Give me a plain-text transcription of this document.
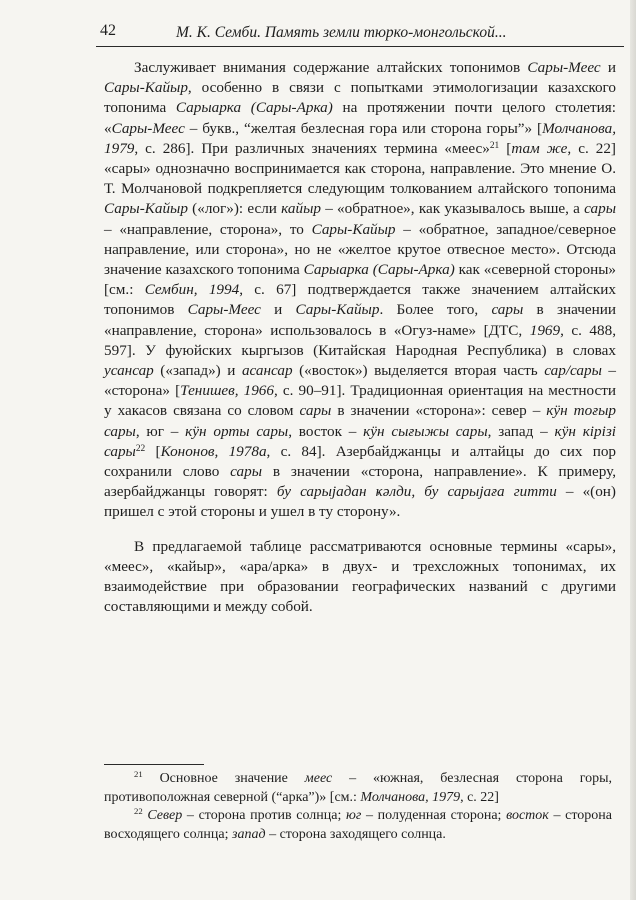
42	М. К. Семби. Память земли тюрко-монгольской...

Заслуживает внимания содержание алтайских топонимов Сары-Меес и Сары-Кайыр, особенно в связи с попытками этимологизации казахского топонима Сарыарка (Сары-Арка) на протяжении почти целого столетия: «Сары-Меес – букв., “желтая безлесная гора или сторона горы”» [Молчанова, 1979, с. 286]. При различных значениях термина «меес»$^{21}$ [там же, с. 22] «сары» однозначно воспринимается как сторона, направление. Это мнение О. Т. Молчановой подкрепляется следующим толкованием алтайского топонима Сары-Кайыр («лог»): если кайыр – «обратное», как указывалось выше, а сары – «направление, сторона», то Сары-Кайыр – «обратное, западное/северное направление, или сторона», но не «желтое крутое отвесное место». Отсюда значение казахского топонима Сарыарка (Сары-Арка) как «северной стороны» [см.: Сембин, 1994, с. 67] подтверждается также значением алтайских топонимов Сары-Меес и Сары-Кайыр. Более того, сары в значении «направление, сторона» использовалось в «Огуз-наме» [ДТС, 1969, с. 488, 597]. У фуюйских кыргызов (Китайская Народная Республика) в словах усансар («запад») и асансар («восток») выделяется вторая часть сар/сары – «сторона» [Тенишев, 1966, с. 90–91]. Традиционная ориентация на местности у хакасов связана со словом сары в значении «сторона»: север – кӱн тоғыр сары, юг – кӱн орты сары, восток – кӱн сығыжы сары, запад – кӱн кірізі сары$^{22}$ [Кононов, 1978а, с. 84]. Азербайджанцы и алтайцы до сих пор сохранили слово сары в значении «сторона, направление». К примеру, азербайджанцы говорят: бу сарыјадан ҝəлди, бу сарыјаға гитти – «(он) пришел с этой стороны и ушел в ту сторону».

В предлагаемой таблице рассматриваются основные термины «сары», «меес», «кайыр», «ара/арка» в двух- и трехсложных топонимах, их взаимодействие при образовании географических названий с другими составляющими и между собой.

$^{21}$ Основное значение меес – «южная, безлесная сторона горы, противоположная северной (“арка”)» [см.: Молчанова, 1979, с. 22]

$^{22}$ Север – сторона против солнца; юг – полуденная сторона; восток – сторона восходящего солнца; запад – сторона заходящего солнца.
